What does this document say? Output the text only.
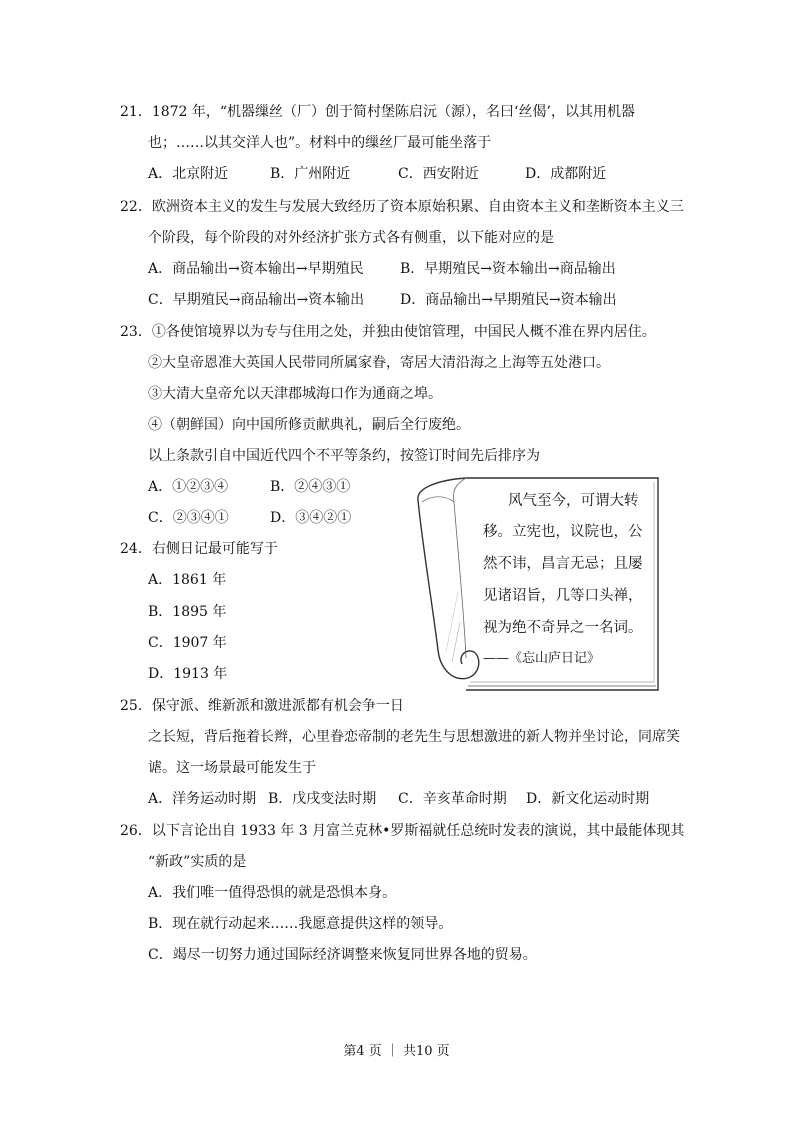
21．1872 年，“机器缫丝（厂）创于简村堡陈启沅（源），名曰‘丝偈’，以其用机器
也；……以其交洋人也”。材料中的缫丝厂最可能坐落于
A．北京附近	B．广州附近	C．西安附近	D．成都附近
22．欧洲资本主义的发生与发展大致经历了资本原始积累、自由资本主义和垄断资本主义三
个阶段，每个阶段的对外经济扩张方式各有侧重，以下能对应的是
A．商品输出→资本输出→早期殖民	B．早期殖民→资本输出→商品输出
C．早期殖民→商品输出→资本输出	D．商品输出→早期殖民→资本输出
23．①各使馆境界以为专与住用之处，并独由使馆管理，中国民人概不准在界内居住。
②大皇帝恩准大英国人民带同所属家眷，寄居大清沿海之上海等五处港口。
③大清大皇帝允以天津郡城海口作为通商之埠。
④（朝鲜国）向中国所修贡献典礼，嗣后全行废绝。
以上条款引自中国近代四个不平等条约，按签订时间先后排序为
A．①②③④	B．②④③①
C．②③④①	D．③④②①
24．右侧日记最可能写于
A．1861 年
B．1895 年
C．1907 年
D．1913 年
风气至今，可谓大转
移。立宪也，议院也，公
然不讳，昌言无忌；且屡
见诸诏旨，几等口头禅，
视为绝不奇异之一名词。
——《忘山庐日记》
25．保守派、维新派和激进派都有机会争一日
之长短，背后拖着长辫，心里眷恋帝制的老先生与思想激进的新人物并坐讨论，同席笑
谑。这一场景最可能发生于
A．洋务运动时期 B．戊戌变法时期 C．辛亥革命时期 D．新文化运动时期
26．以下言论出自 1933 年 3 月富兰克林•罗斯福就任总统时发表的演说，其中最能体现其
“新政”实质的是
A．我们唯一值得恐惧的就是恐惧本身。
B．现在就行动起来……我愿意提供这样的领导。
C．竭尽一切努力通过国际经济调整来恢复同世界各地的贸易。
第4 页 ｜ 共10 页
